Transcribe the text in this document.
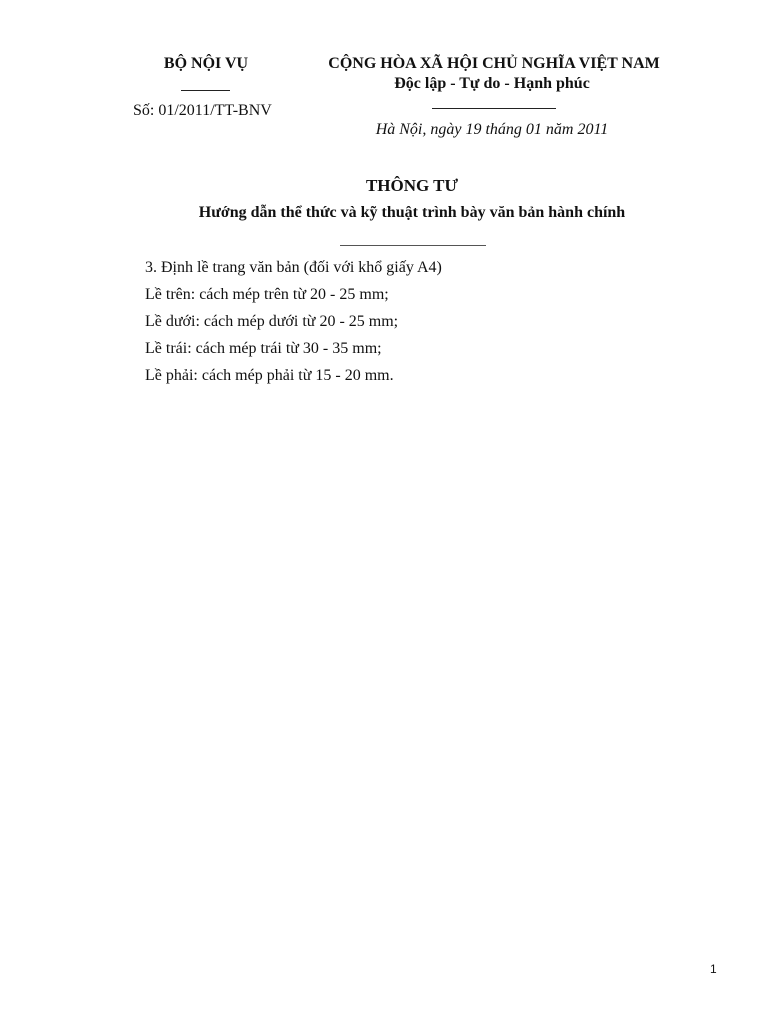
BỘ NỘI VỤ
Số: 01/2011/TT-BNV
CỘNG HÒA XÃ HỘI CHỦ NGHĨA VIỆT NAM
Độc lập - Tự do - Hạnh phúc
Hà Nội, ngày 19 tháng 01 năm 2011
THÔNG TƯ
Hướng dẫn thể thức và kỹ thuật trình bày văn bản hành chính
3. Định lề trang văn bản (đối với khổ giấy A4)
Lề trên: cách mép trên từ 20 - 25 mm;
Lề dưới: cách mép dưới từ 20 - 25 mm;
Lề trái: cách mép trái từ 30 - 35 mm;
Lề phải: cách mép phải từ 15 - 20 mm.
1
